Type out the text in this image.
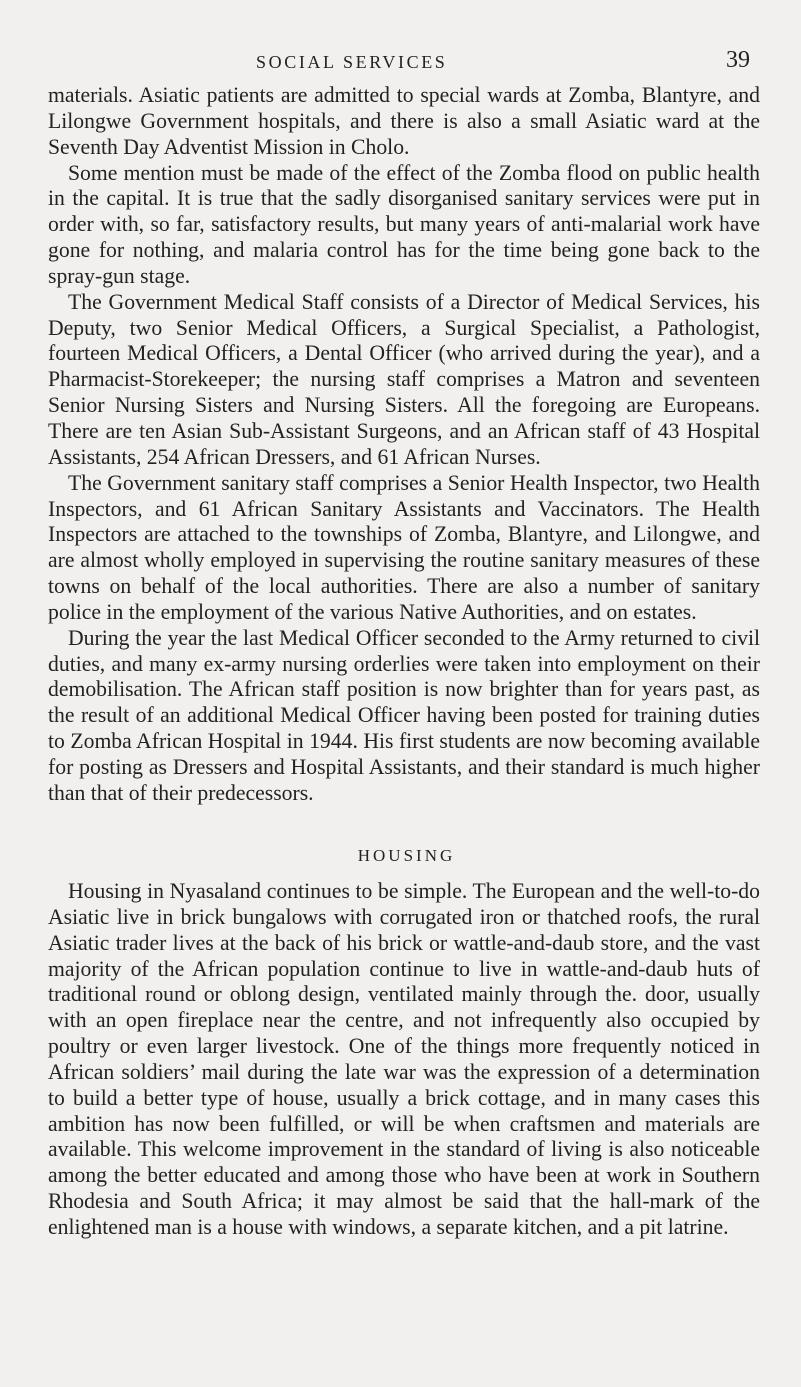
SOCIAL SERVICES	39

materials. Asiatic patients are admitted to special wards at Zomba, Blantyre, and Lilongwe Government hospitals, and there is also a small Asiatic ward at the Seventh Day Adventist Mission in Cholo.

Some mention must be made of the effect of the Zomba flood on public health in the capital. It is true that the sadly disorganised sanitary services were put in order with, so far, satisfactory results, but many years of anti-malarial work have gone for nothing, and malaria control has for the time being gone back to the spray-gun stage.

The Government Medical Staff consists of a Director of Medical Services, his Deputy, two Senior Medical Officers, a Surgical Specialist, a Pathologist, fourteen Medical Officers, a Dental Officer (who arrived during the year), and a Pharmacist-Storekeeper; the nursing staff comprises a Matron and seventeen Senior Nursing Sisters and Nursing Sisters. All the foregoing are Europeans. There are ten Asian Sub-Assistant Surgeons, and an African staff of 43 Hospital Assistants, 254 African Dressers, and 61 African Nurses.

The Government sanitary staff comprises a Senior Health Inspector, two Health Inspectors, and 61 African Sanitary Assistants and Vaccinators. The Health Inspectors are attached to the townships of Zomba, Blantyre, and Lilongwe, and are almost wholly employed in supervising the routine sanitary measures of these towns on behalf of the local authorities. There are also a number of sanitary police in the employment of the various Native Authorities, and on estates.

During the year the last Medical Officer seconded to the Army returned to civil duties, and many ex-army nursing orderlies were taken into employment on their demobilisation. The African staff position is now brighter than for years past, as the result of an additional Medical Officer having been posted for training duties to Zomba African Hospital in 1944. His first students are now becoming available for posting as Dressers and Hospital Assistants, and their standard is much higher than that of their predecessors.

HOUSING

Housing in Nyasaland continues to be simple. The European and the well-to-do Asiatic live in brick bungalows with corrugated iron or thatched roofs, the rural Asiatic trader lives at the back of his brick or wattle-and-daub store, and the vast majority of the African population continue to live in wattle-and-daub huts of traditional round or oblong design, ventilated mainly through the. door, usually with an open fireplace near the centre, and not infrequently also occupied by poultry or even larger livestock. One of the things more frequently noticed in African soldiers’ mail during the late war was the expression of a determination to build a better type of house, usually a brick cottage, and in many cases this ambition has now been fulfilled, or will be when craftsmen and materials are available. This welcome improvement in the standard of living is also noticeable among the better educated and among those who have been at work in Southern Rhodesia and South Africa; it may almost be said that the hall-mark of the enlightened man is a house with windows, a separate kitchen, and a pit latrine.
